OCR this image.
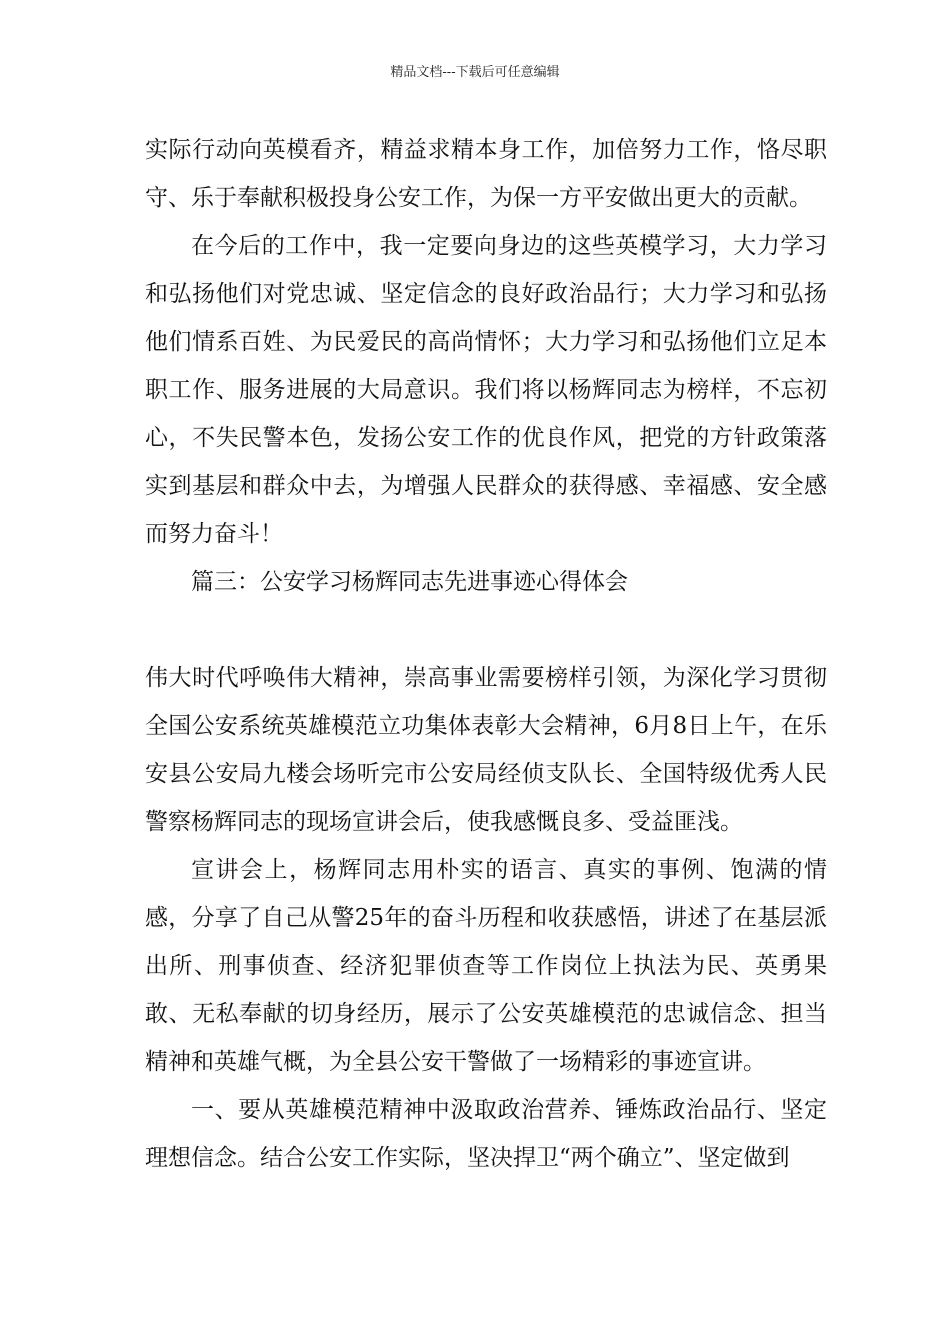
精品文档---下载后可任意编辑

实际行动向英模看齐，精益求精本身工作，加倍努力工作，恪尽职守、乐于奉献积极投身公安工作，为保一方平安做出更大的贡献。

在今后的工作中，我一定要向身边的这些英模学习，大力学习和弘扬他们对党忠诚、坚定信念的良好政治品行；大力学习和弘扬他们情系百姓、为民爱民的高尚情怀；大力学习和弘扬他们立足本职工作、服务进展的大局意识。我们将以杨辉同志为榜样，不忘初心，不失民警本色，发扬公安工作的优良作风，把党的方针政策落实到基层和群众中去，为增强人民群众的获得感、幸福感、安全感而努力奋斗！

篇三：公安学习杨辉同志先进事迹心得体会

伟大时代呼唤伟大精神，崇高事业需要榜样引领，为深化学习贯彻全国公安系统英雄模范立功集体表彰大会精神，6月8日上午，在乐安县公安局九楼会场听完市公安局经侦支队长、全国特级优秀人民警察杨辉同志的现场宣讲会后，使我感慨良多、受益匪浅。

宣讲会上，杨辉同志用朴实的语言、真实的事例、饱满的情感，分享了自己从警25年的奋斗历程和收获感悟，讲述了在基层派出所、刑事侦查、经济犯罪侦查等工作岗位上执法为民、英勇果敢、无私奉献的切身经历，展示了公安英雄模范的忠诚信念、担当精神和英雄气概，为全县公安干警做了一场精彩的事迹宣讲。

一、要从英雄模范精神中汲取政治营养、锤炼政治品行、坚定理想信念。结合公安工作实际，坚决捍卫“两个确立”、坚定做到
